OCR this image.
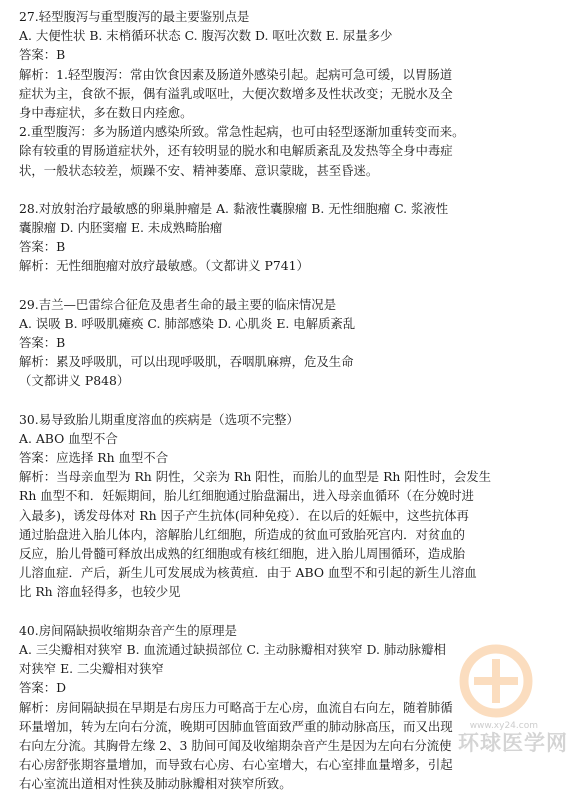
27.轻型腹泻与重型腹泻的最主要鉴别点是

A. 大便性状 B. 末梢循环状态 C. 腹泻次数 D. 呕吐次数 E. 尿量多少

答案：B

解析：1.轻型腹泻：常由饮食因素及肠道外感染引起。起病可急可缓，以胃肠道

症状为主，食欲不振，偶有溢乳或呕吐，大便次数增多及性状改变；无脱水及全

身中毒症状，多在数日内痊愈。

2.重型腹泻：多为肠道内感染所致。常急性起病，也可由轻型逐渐加重转变而来。

除有较重的胃肠道症状外，还有较明显的脱水和电解质紊乱及发热等全身中毒症

状，一般状态较差，烦躁不安、精神萎靡、意识蒙眬，甚至昏迷。

28.对放射治疗最敏感的卵巢肿瘤是 A. 黏液性囊腺瘤 B. 无性细胞瘤 C. 浆液性

囊腺瘤 D. 内胚窦瘤 E. 未成熟畸胎瘤

答案：B

解析：无性细胞瘤对放疗最敏感。（文都讲义 P741）

29.吉兰—巴雷综合征危及患者生命的最主要的临床情况是

A. 误吸 B. 呼吸肌瘫痪 C. 肺部感染 D. 心肌炎 E. 电解质紊乱

答案：B

解析：累及呼吸肌，可以出现呼吸肌，吞咽肌麻痹，危及生命

（文都讲义 P848）

30.易导致胎儿期重度溶血的疾病是（选项不完整）

A. ABO 血型不合

答案：应选择 Rh 血型不合

解析：当母亲血型为 Rh 阴性，父亲为 Rh 阳性，而胎儿的血型是 Rh 阳性时，会发生

Rh 血型不和．妊娠期间，胎儿红细胞通过胎盘漏出，进入母亲血循环（在分娩时进

入最多)，诱发母体对 Rh 因子产生抗体(同种免疫）．在以后的妊娠中，这些抗体再

通过胎盘进入胎儿体内，溶解胎儿红细胞，所造成的贫血可致胎死宫内．对贫血的

反应，胎儿骨髓可释放出成熟的红细胞或有核红细胞，进入胎儿周围循环，造成胎

儿溶血症．产后，新生儿可发展成为核黄疸．由于 ABO 血型不和引起的新生儿溶血

比 Rh 溶血轻得多，也较少见

40.房间隔缺损收缩期杂音产生的原理是

A. 三尖瓣相对狭窄 B. 血流通过缺损部位 C. 主动脉瓣相对狭窄 D. 肺动脉瓣相

对狭窄 E. 二尖瓣相对狭窄

答案：D

解析：房间隔缺损在早期是右房压力可略高于左心房，血流自右向左，随着肺循

环量增加，转为左向右分流，晚期可因肺血管面致严重的肺动脉高压，而又出现

右向左分流。其胸骨左缘 2、3 肋间可闻及收缩期杂音产生是因为左向右分流使

右心房舒张期容量增加，而导致右心房、右心室增大，右心室排血量增多，引起

右心室流出道相对性狭及肺动脉瓣相对狭窄所致。

www.xy24.com
环球医学网
